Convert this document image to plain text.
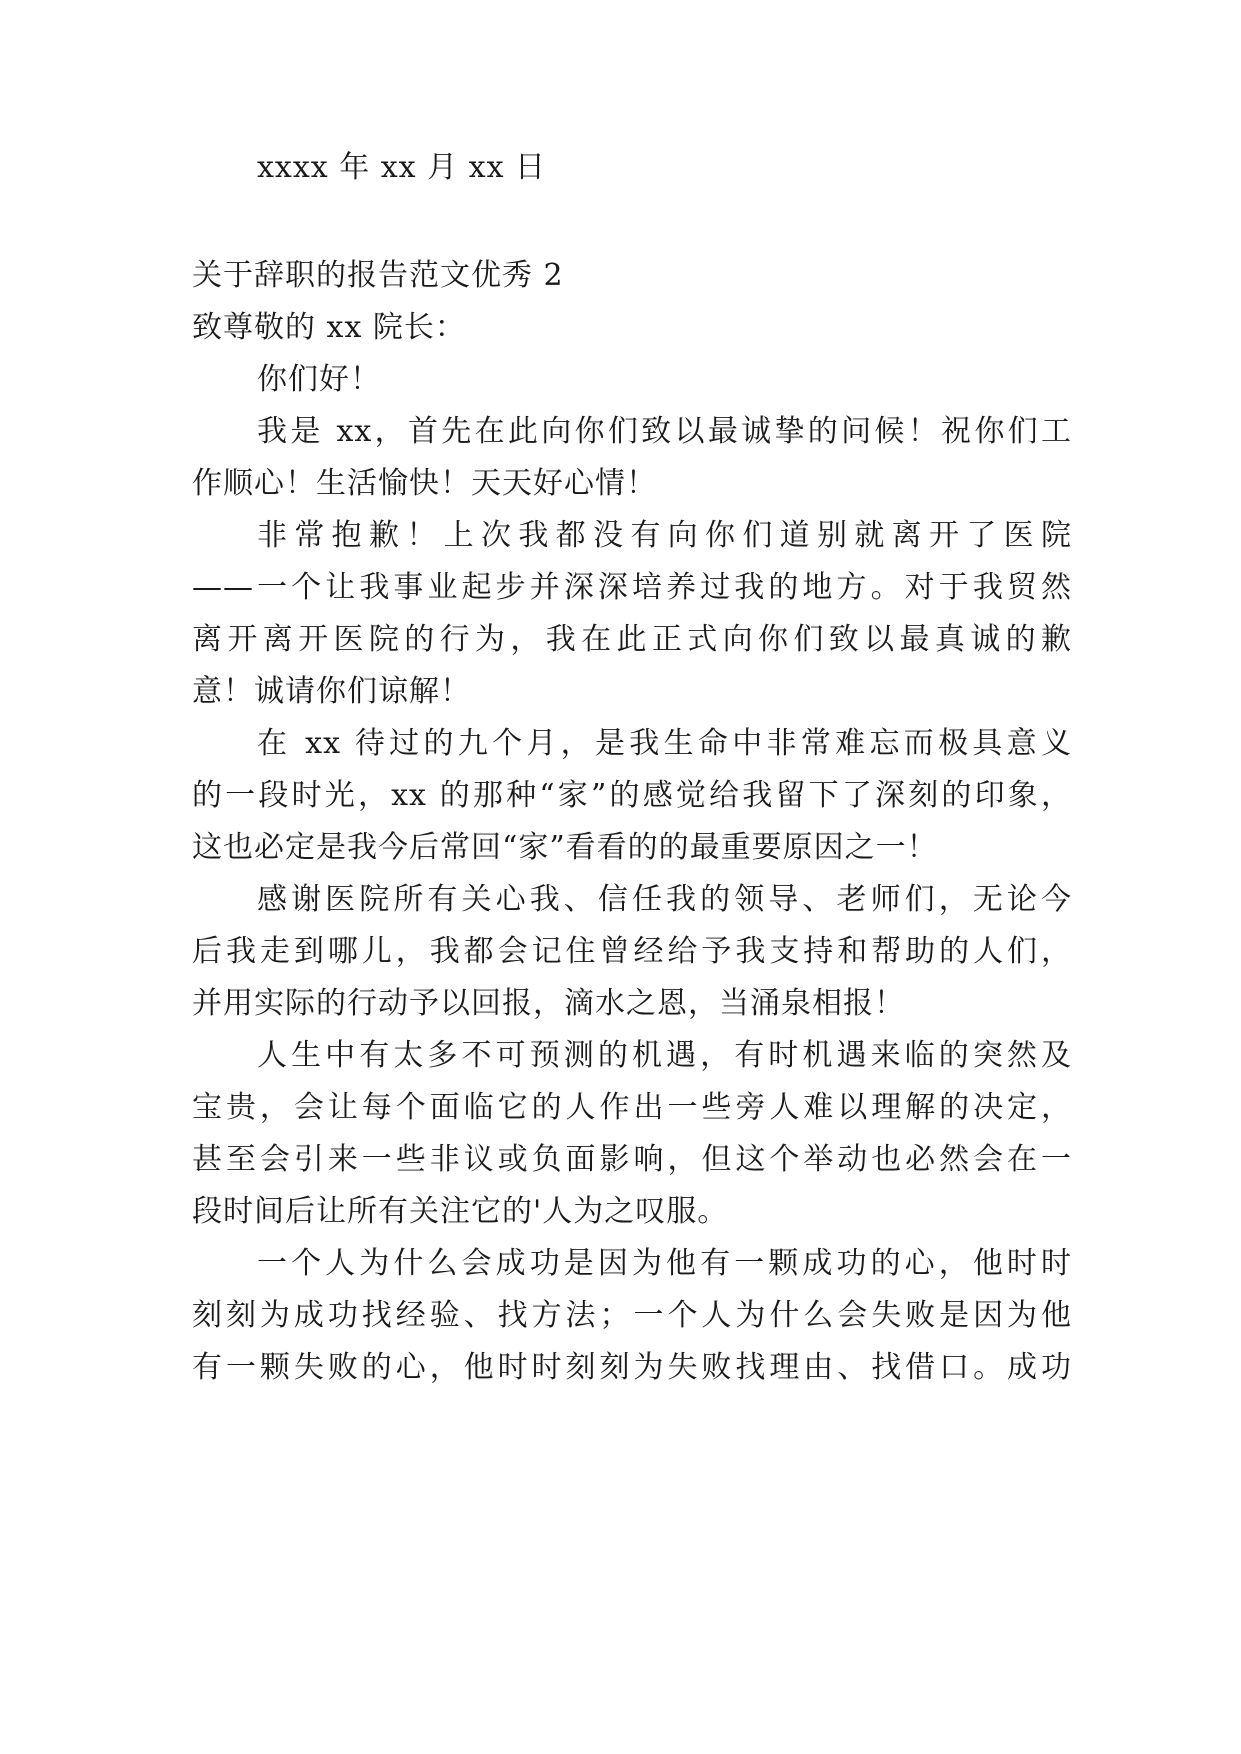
xxxx 年 xx 月 xx 日
关于辞职的报告范文优秀 2
致尊敬的 xx 院长：
你们好！
我是 xx，首先在此向你们致以最诚挚的问候！祝你们工
作顺心！生活愉快！天天好心情！
非常抱歉！上次我都没有向你们道别就离开了医院
——一个让我事业起步并深深培养过我的地方。对于我贸然
离开离开医院的行为，我在此正式向你们致以最真诚的歉
意！诚请你们谅解！
在 xx 待过的九个月，是我生命中非常难忘而极具意义
的一段时光，xx 的那种“家”的感觉给我留下了深刻的印象，
这也必定是我今后常回“家”看看的的最重要原因之一！
感谢医院所有关心我、信任我的领导、老师们，无论今
后我走到哪儿，我都会记住曾经给予我支持和帮助的人们，
并用实际的行动予以回报，滴水之恩，当涌泉相报！
人生中有太多不可预测的机遇，有时机遇来临的突然及
宝贵，会让每个面临它的人作出一些旁人难以理解的决定，
甚至会引来一些非议或负面影响，但这个举动也必然会在一
段时间后让所有关注它的'人为之叹服。
一个人为什么会成功是因为他有一颗成功的心，他时时
刻刻为成功找经验、找方法；一个人为什么会失败是因为他
有一颗失败的心，他时时刻刻为失败找理由、找借口。成功
